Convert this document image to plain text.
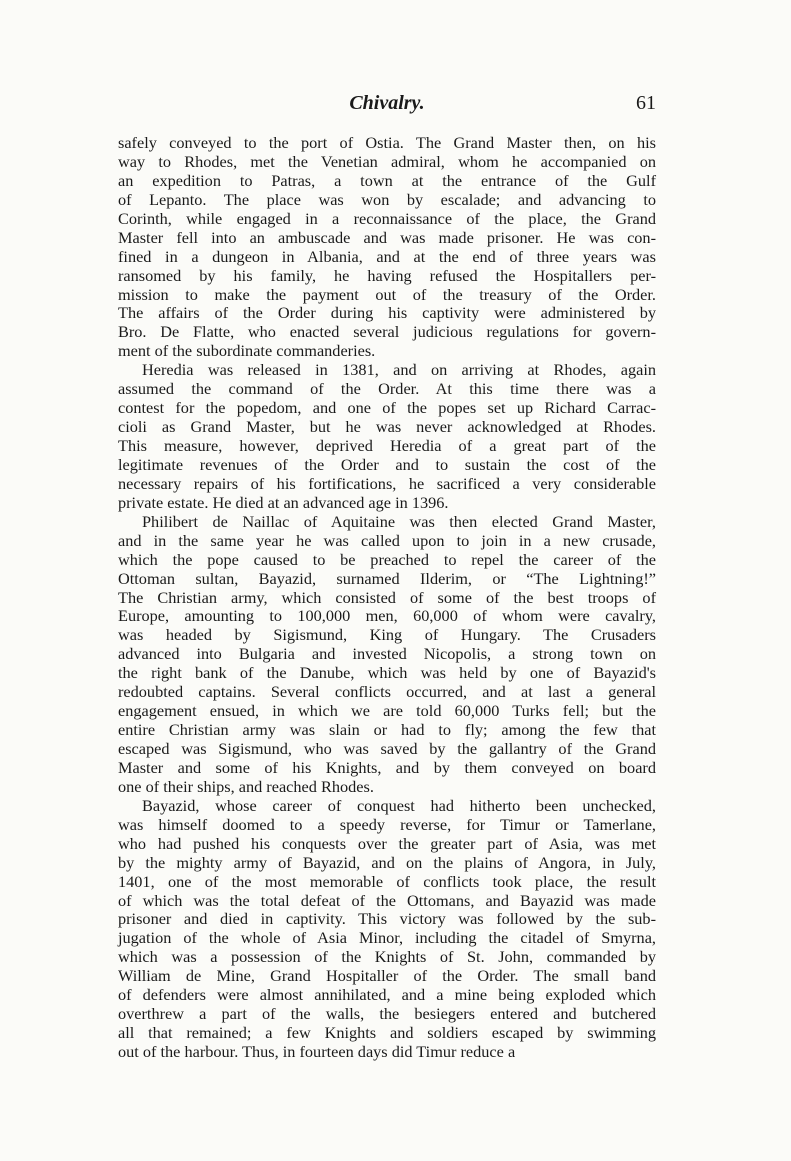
Chivalry.	61
safely conveyed to the port of Ostia. The Grand Master then, on his
way to Rhodes, met the Venetian admiral, whom he accompanied on
an expedition to Patras, a town at the entrance of the Gulf
of Lepanto. The place was won by escalade; and advancing to
Corinth, while engaged in a reconnaissance of the place, the Grand
Master fell into an ambuscade and was made prisoner. He was con-
fined in a dungeon in Albania, and at the end of three years was
ransomed by his family, he having refused the Hospitallers per-
mission to make the payment out of the treasury of the Order.
The affairs of the Order during his captivity were administered by
Bro. De Flatte, who enacted several judicious regulations for govern-
ment of the subordinate commanderies.
Heredia was released in 1381, and on arriving at Rhodes, again
assumed the command of the Order. At this time there was a
contest for the popedom, and one of the popes set up Richard Carrac-
cioli as Grand Master, but he was never acknowledged at Rhodes.
This measure, however, deprived Heredia of a great part of the
legitimate revenues of the Order and to sustain the cost of the
necessary repairs of his fortifications, he sacrificed a very considerable
private estate. He died at an advanced age in 1396.
Philibert de Naillac of Aquitaine was then elected Grand Master,
and in the same year he was called upon to join in a new crusade,
which the pope caused to be preached to repel the career of the
Ottoman sultan, Bayazid, surnamed Ilderim, or “The Lightning!”
The Christian army, which consisted of some of the best troops of
Europe, amounting to 100,000 men, 60,000 of whom were cavalry,
was headed by Sigismund, King of Hungary. The Crusaders
advanced into Bulgaria and invested Nicopolis, a strong town on
the right bank of the Danube, which was held by one of Bayazid's
redoubted captains. Several conflicts occurred, and at last a general
engagement ensued, in which we are told 60,000 Turks fell; but the
entire Christian army was slain or had to fly; among the few that
escaped was Sigismund, who was saved by the gallantry of the Grand
Master and some of his Knights, and by them conveyed on board
one of their ships, and reached Rhodes.
Bayazid, whose career of conquest had hitherto been unchecked,
was himself doomed to a speedy reverse, for Timur or Tamerlane,
who had pushed his conquests over the greater part of Asia, was met
by the mighty army of Bayazid, and on the plains of Angora, in July,
1401, one of the most memorable of conflicts took place, the result
of which was the total defeat of the Ottomans, and Bayazid was made
prisoner and died in captivity. This victory was followed by the sub-
jugation of the whole of Asia Minor, including the citadel of Smyrna,
which was a possession of the Knights of St. John, commanded by
William de Mine, Grand Hospitaller of the Order. The small band
of defenders were almost annihilated, and a mine being exploded which
overthrew a part of the walls, the besiegers entered and butchered
all that remained; a few Knights and soldiers escaped by swimming
out of the harbour. Thus, in fourteen days did Timur reduce a
